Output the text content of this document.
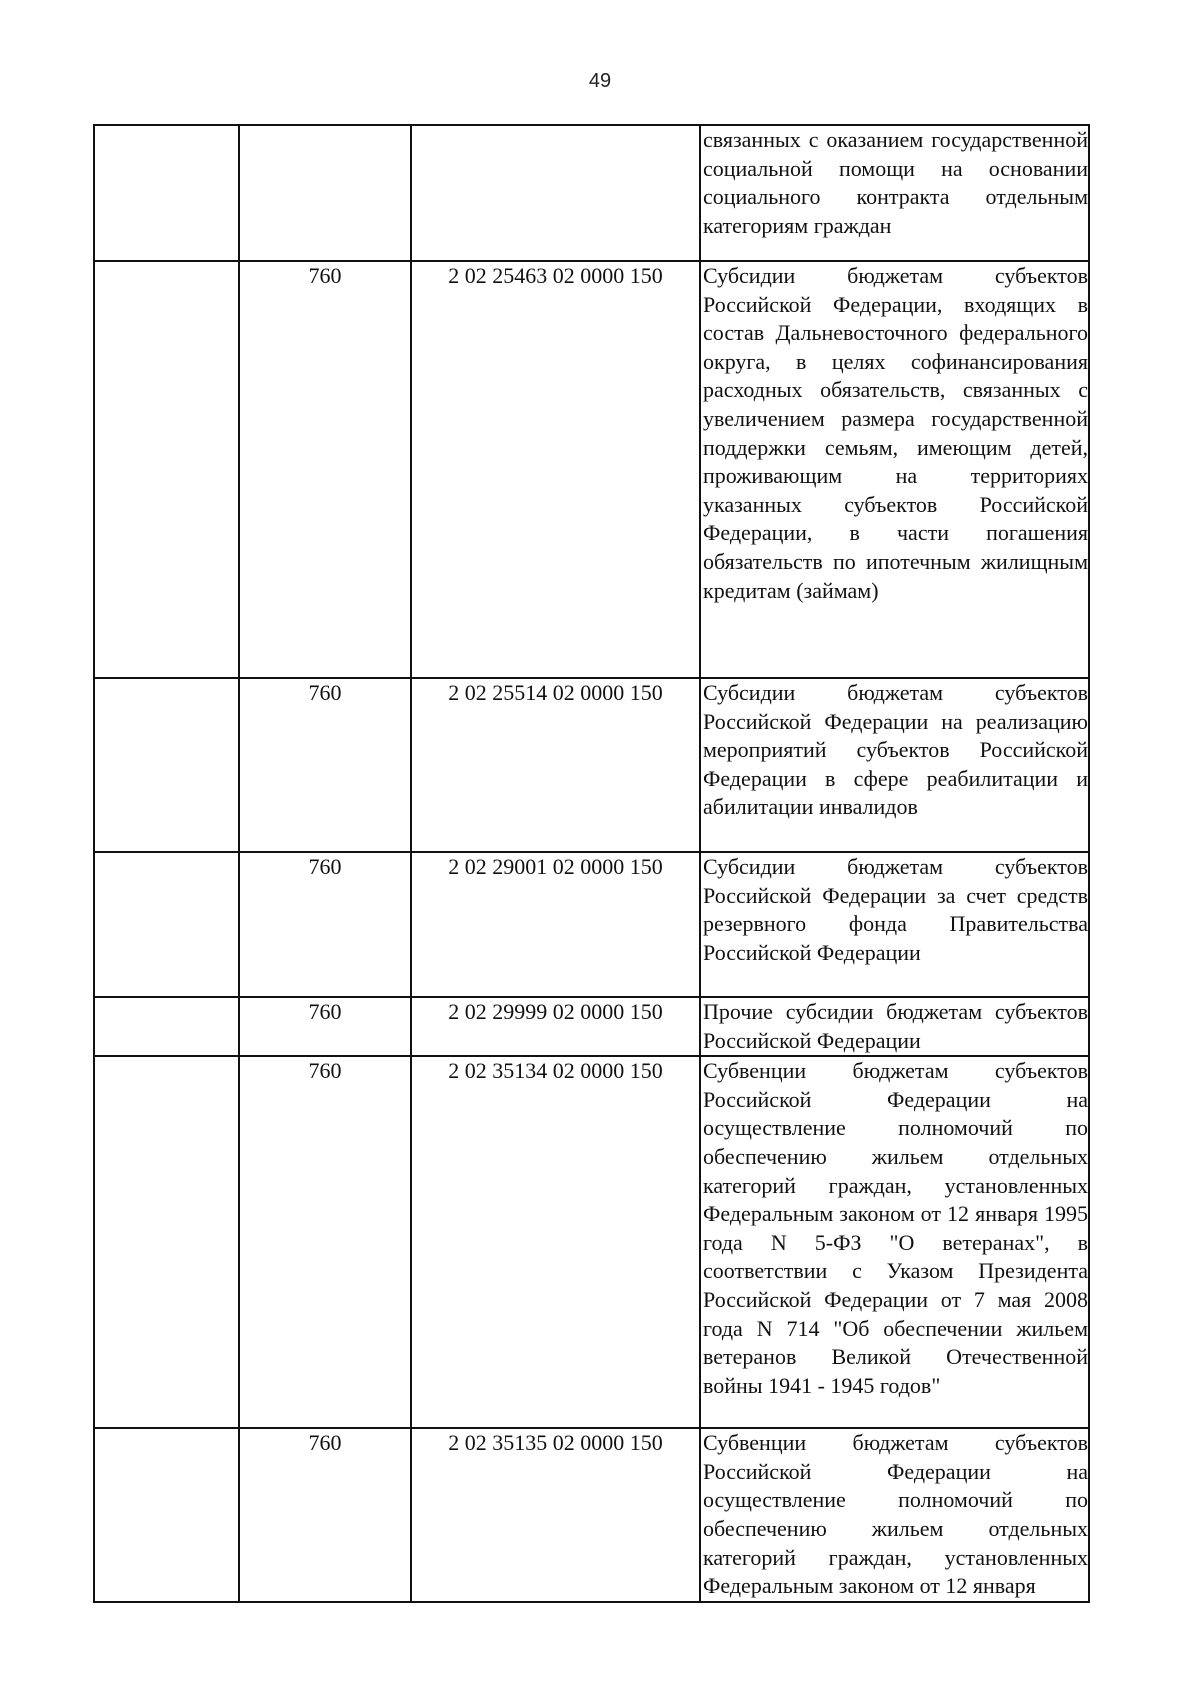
49

			связанных с оказанием государственной социальной помощи на основании социального контракта отдельным категориям граждан

	760	2 02 25463 02 0000 150	Субсидии бюджетам субъектов Российской Федерации, входящих в состав Дальневосточного федерального округа, в целях софинансирования расходных обязательств, связанных с увеличением размера государственной поддержки семьям, имеющим детей, проживающим на территориях указанных субъектов Российской Федерации, в части погашения обязательств по ипотечным жилищным кредитам (займам)

	760	2 02 25514 02 0000 150	Субсидии бюджетам субъектов Российской Федерации на реализацию мероприятий субъектов Российской Федерации в сфере реабилитации и абилитации инвалидов

	760	2 02 29001 02 0000 150	Субсидии бюджетам субъектов Российской Федерации за счет средств резервного фонда Правительства Российской Федерации

	760	2 02 29999 02 0000 150	Прочие субсидии бюджетам субъектов Российской Федерации

	760	2 02 35134 02 0000 150	Субвенции бюджетам субъектов Российской Федерации на осуществление полномочий по обеспечению жильем отдельных категорий граждан, установленных Федеральным законом от 12 января 1995 года N 5-ФЗ "О ветеранах", в соответствии с Указом Президента Российской Федерации от 7 мая 2008 года N 714 "Об обеспечении жильем ветеранов Великой Отечественной войны 1941 - 1945 годов"

	760	2 02 35135 02 0000 150	Субвенции бюджетам субъектов Российской Федерации на осуществление полномочий по обеспечению жильем отдельных категорий граждан, установленных Федеральным законом от 12 января
